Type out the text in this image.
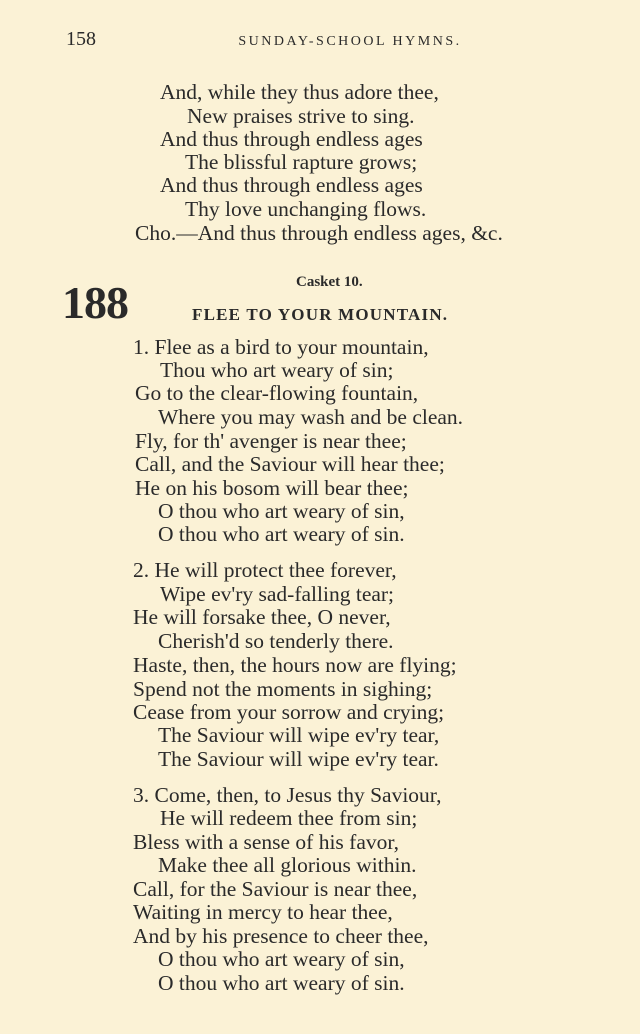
158	SUNDAY-SCHOOL HYMNS.
And, while they thus adore thee,
New praises strive to sing.
And thus through endless ages
The blissful rapture grows;
And thus through endless ages
Thy love unchanging flows.
Cho.—And thus through endless ages, &c.
188	Casket 10.
FLEE TO YOUR MOUNTAIN.
1. Flee as a bird to your mountain,
Thou who art weary of sin;
Go to the clear-flowing fountain,
Where you may wash and be clean.
Fly, for th' avenger is near thee;
Call, and the Saviour will hear thee;
He on his bosom will bear thee;
O thou who art weary of sin,
O thou who art weary of sin.
2. He will protect thee forever,
Wipe ev'ry sad-falling tear;
He will forsake thee, O never,
Cherish'd so tenderly there.
Haste, then, the hours now are flying;
Spend not the moments in sighing;
Cease from your sorrow and crying;
The Saviour will wipe ev'ry tear,
The Saviour will wipe ev'ry tear.
3. Come, then, to Jesus thy Saviour,
He will redeem thee from sin;
Bless with a sense of his favor,
Make thee all glorious within.
Call, for the Saviour is near thee,
Waiting in mercy to hear thee,
And by his presence to cheer thee,
O thou who art weary of sin,
O thou who art weary of sin.
